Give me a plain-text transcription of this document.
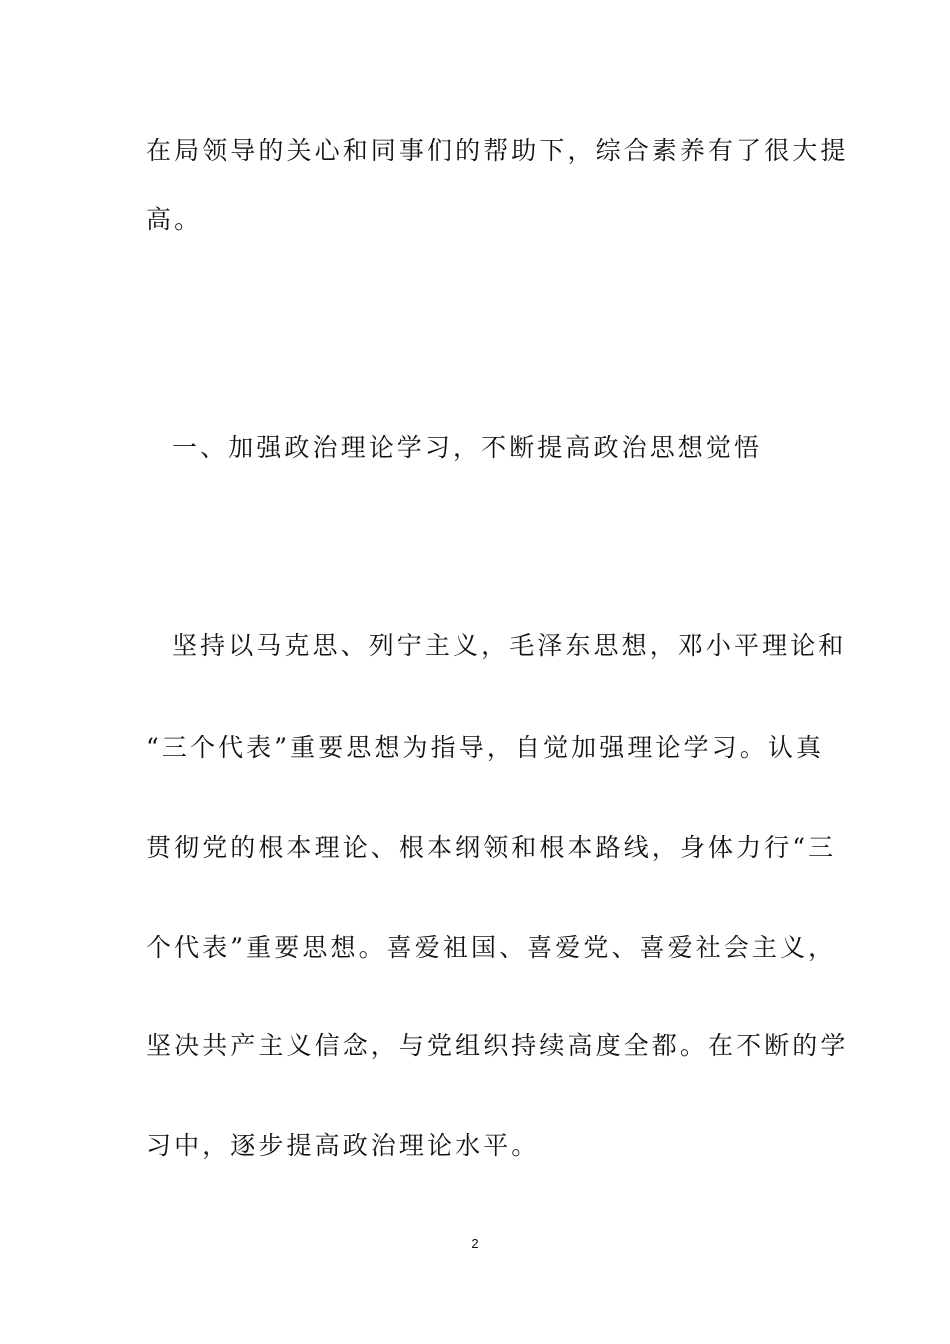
在局领导的关心和同事们的帮助下，综合素养有了很大提
高。
一、加强政治理论学习，不断提高政治思想觉悟
坚持以马克思、列宁主义，毛泽东思想，邓小平理论和
“三个代表”重要思想为指导，自觉加强理论学习。认真
贯彻党的根本理论、根本纲领和根本路线，身体力行“三
个代表”重要思想。喜爱祖国、喜爱党、喜爱社会主义，
坚决共产主义信念，与党组织持续高度全都。在不断的学
习中，逐步提高政治理论水平。
2
